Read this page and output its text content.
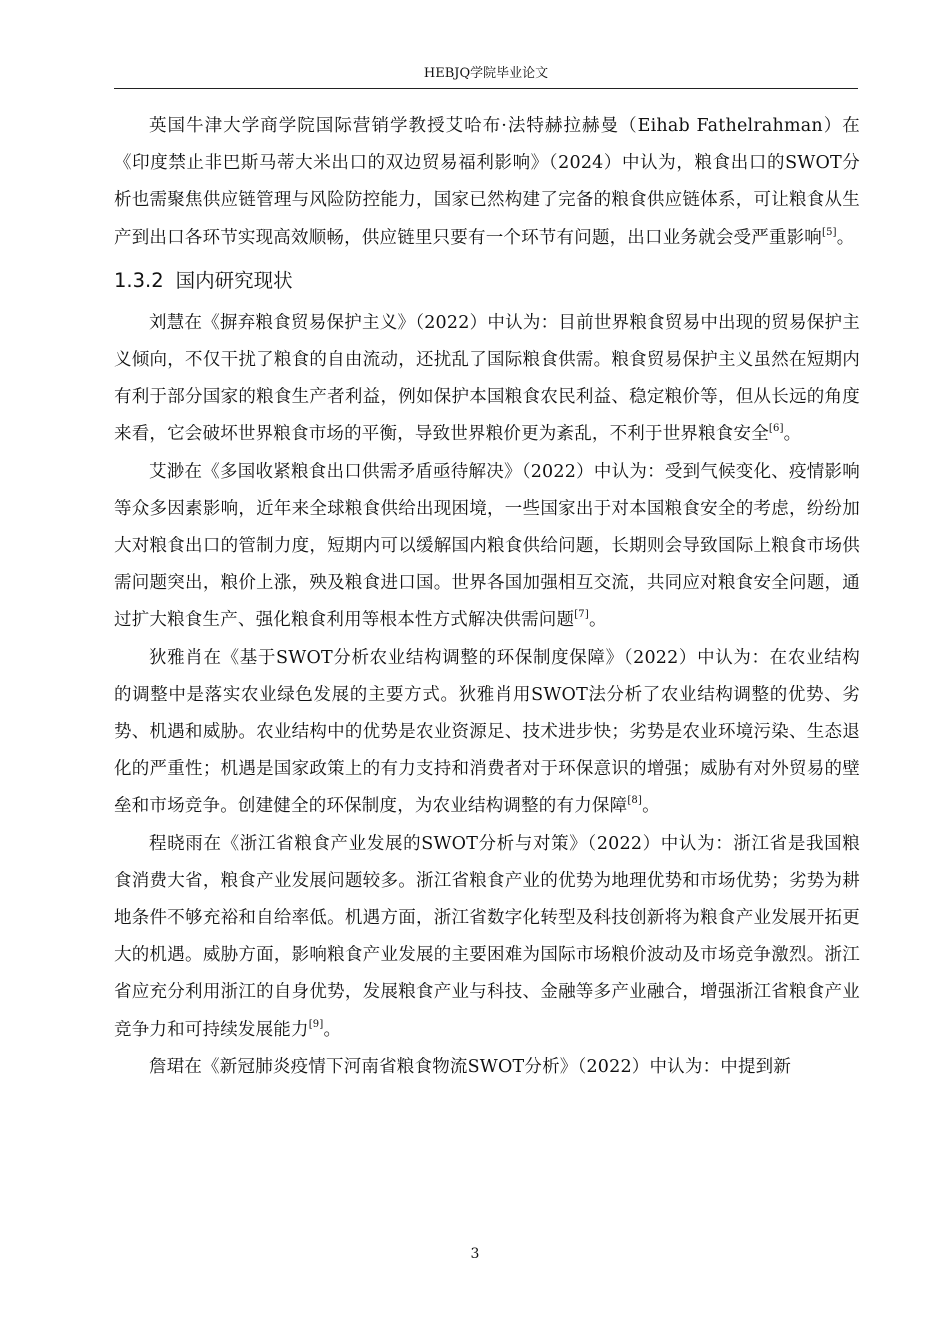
HEBJQ学院毕业论文

英国牛津大学商学院国际营销学教授艾哈布·法特赫拉赫曼（Eihab Fathelrahman）在《印度禁止非巴斯马蒂大米出口的双边贸易福利影响》（2024）中认为，粮食出口的SWOT分析也需聚焦供应链管理与风险防控能力，国家已然构建了完备的粮食供应链体系，可让粮食从生产到出口各环节实现高效顺畅，供应链里只要有一个环节有问题，出口业务就会受严重影响[5]。

1.3.2 国内研究现状

刘慧在《摒弃粮食贸易保护主义》（2022）中认为：目前世界粮食贸易中出现的贸易保护主义倾向，不仅干扰了粮食的自由流动，还扰乱了国际粮食供需。粮食贸易保护主义虽然在短期内有利于部分国家的粮食生产者利益，例如保护本国粮食农民利益、稳定粮价等，但从长远的角度来看，它会破坏世界粮食市场的平衡，导致世界粮价更为紊乱，不利于世界粮食安全[6]。

艾渺在《多国收紧粮食出口供需矛盾亟待解决》（2022）中认为：受到气候变化、疫情影响等众多因素影响，近年来全球粮食供给出现困境，一些国家出于对本国粮食安全的考虑，纷纷加大对粮食出口的管制力度，短期内可以缓解国内粮食供给问题，长期则会导致国际上粮食市场供需问题突出，粮价上涨，殃及粮食进口国。世界各国加强相互交流，共同应对粮食安全问题，通过扩大粮食生产、强化粮食利用等根本性方式解决供需问题[7]。

狄雅肖在《基于SWOT分析农业结构调整的环保制度保障》（2022）中认为：在农业结构的调整中是落实农业绿色发展的主要方式。狄雅肖用SWOT法分析了农业结构调整的优势、劣势、机遇和威胁。农业结构中的优势是农业资源足、技术进步快；劣势是农业环境污染、生态退化的严重性；机遇是国家政策上的有力支持和消费者对于环保意识的增强；威胁有对外贸易的壁垒和市场竞争。创建健全的环保制度，为农业结构调整的有力保障[8]。

程晓雨在《浙江省粮食产业发展的SWOT分析与对策》（2022）中认为：浙江省是我国粮食消费大省，粮食产业发展问题较多。浙江省粮食产业的优势为地理优势和市场优势；劣势为耕地条件不够充裕和自给率低。机遇方面，浙江省数字化转型及科技创新将为粮食产业发展开拓更大的机遇。威胁方面，影响粮食产业发展的主要困难为国际市场粮价波动及市场竞争激烈。浙江省应充分利用浙江的自身优势，发展粮食产业与科技、金融等多产业融合，增强浙江省粮食产业竞争力和可持续发展能力[9]。

詹珺在《新冠肺炎疫情下河南省粮食物流SWOT分析》（2022）中认为：中提到新

3
